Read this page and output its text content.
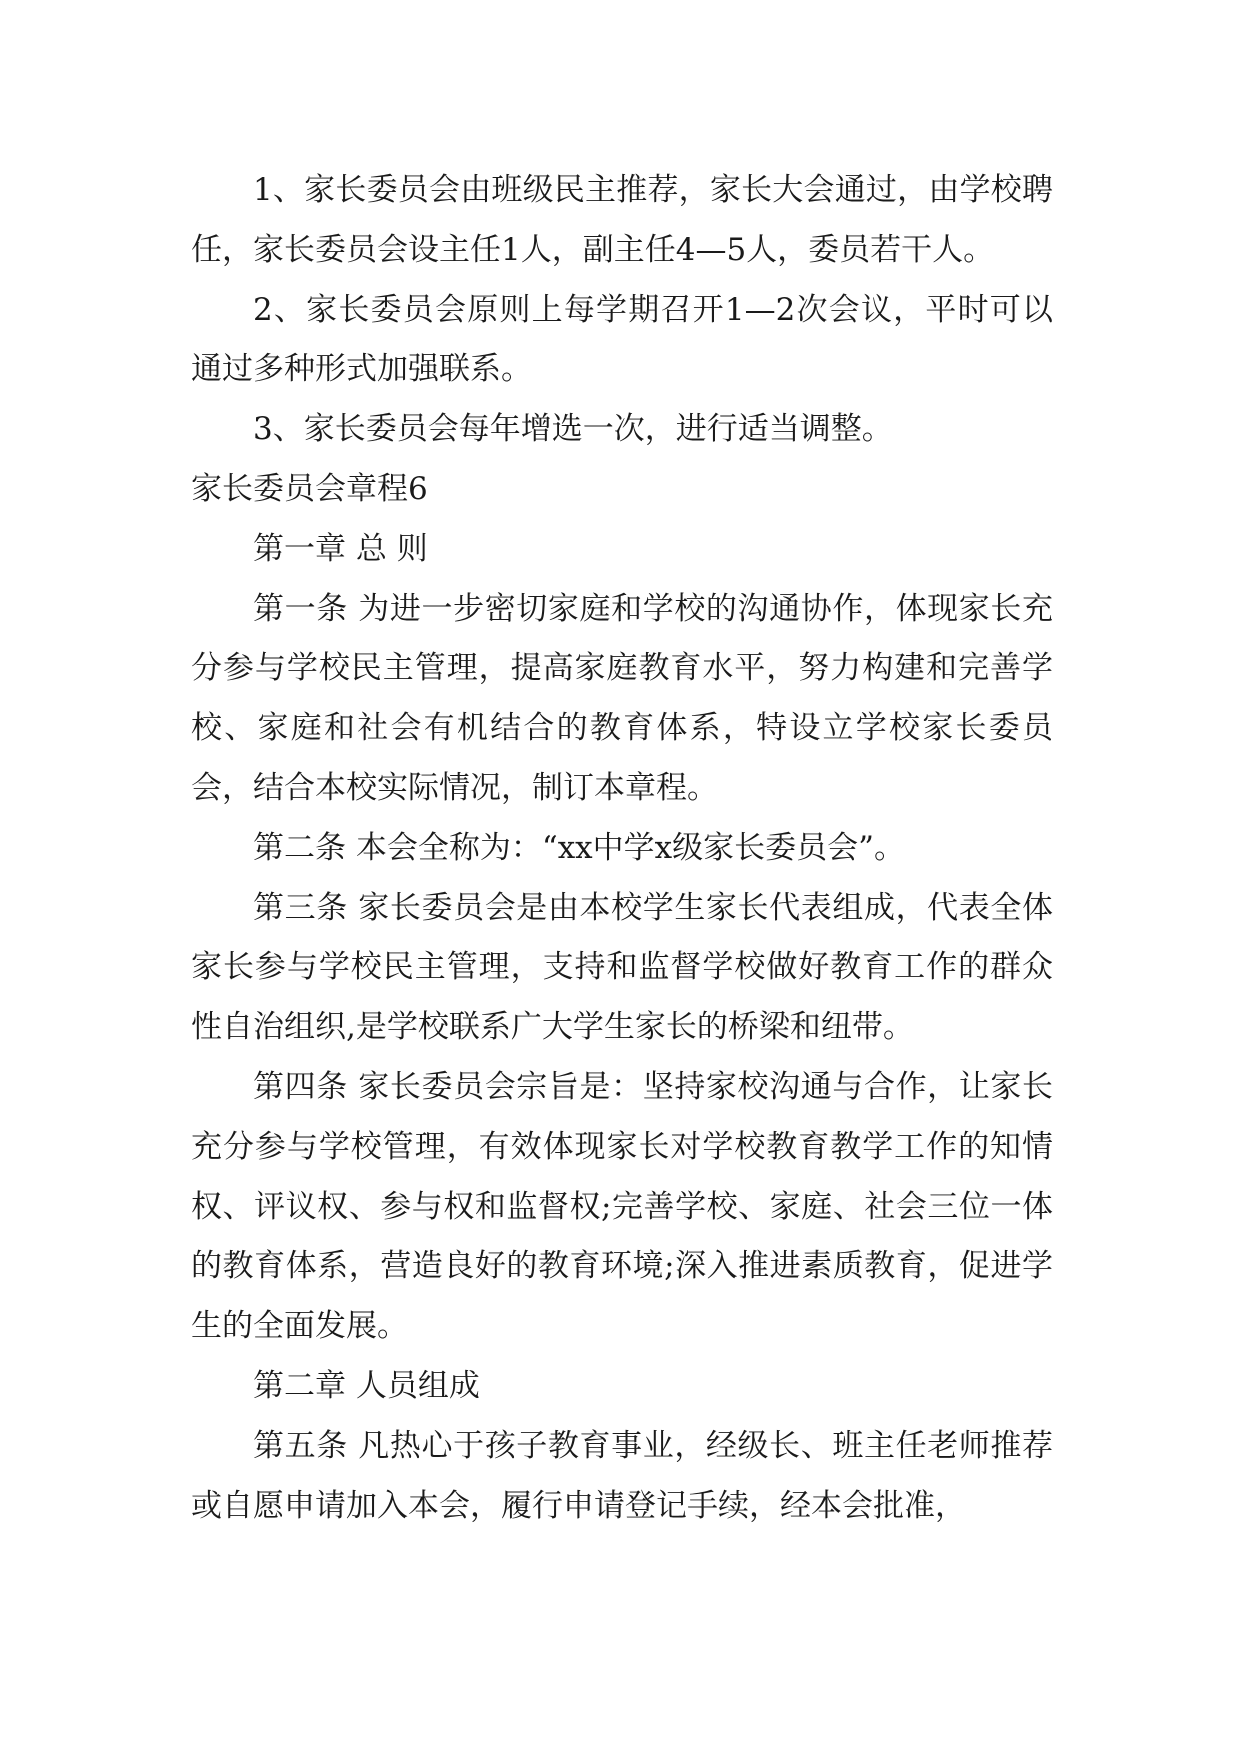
1、家长委员会由班级民主推荐，家长大会通过，由学校聘任，家长委员会设主任1人，副主任4—5人，委员若干人。

2、家长委员会原则上每学期召开1—2次会议，平时可以通过多种形式加强联系。

3、家长委员会每年增选一次，进行适当调整。

家长委员会章程6

第一章 总 则

第一条 为进一步密切家庭和学校的沟通协作，体现家长充分参与学校民主管理，提高家庭教育水平，努力构建和完善学校、家庭和社会有机结合的教育体系，特设立学校家长委员会，结合本校实际情况，制订本章程。

第二条 本会全称为：“xx中学x级家长委员会”。

第三条 家长委员会是由本校学生家长代表组成，代表全体家长参与学校民主管理，支持和监督学校做好教育工作的群众性自治组织,是学校联系广大学生家长的桥梁和纽带。

第四条 家长委员会宗旨是：坚持家校沟通与合作，让家长充分参与学校管理，有效体现家长对学校教育教学工作的知情权、评议权、参与权和监督权;完善学校、家庭、社会三位一体的教育体系，营造良好的教育环境;深入推进素质教育，促进学生的全面发展。

第二章 人员组成

第五条 凡热心于孩子教育事业，经级长、班主任老师推荐或自愿申请加入本会，履行申请登记手续，经本会批准，
